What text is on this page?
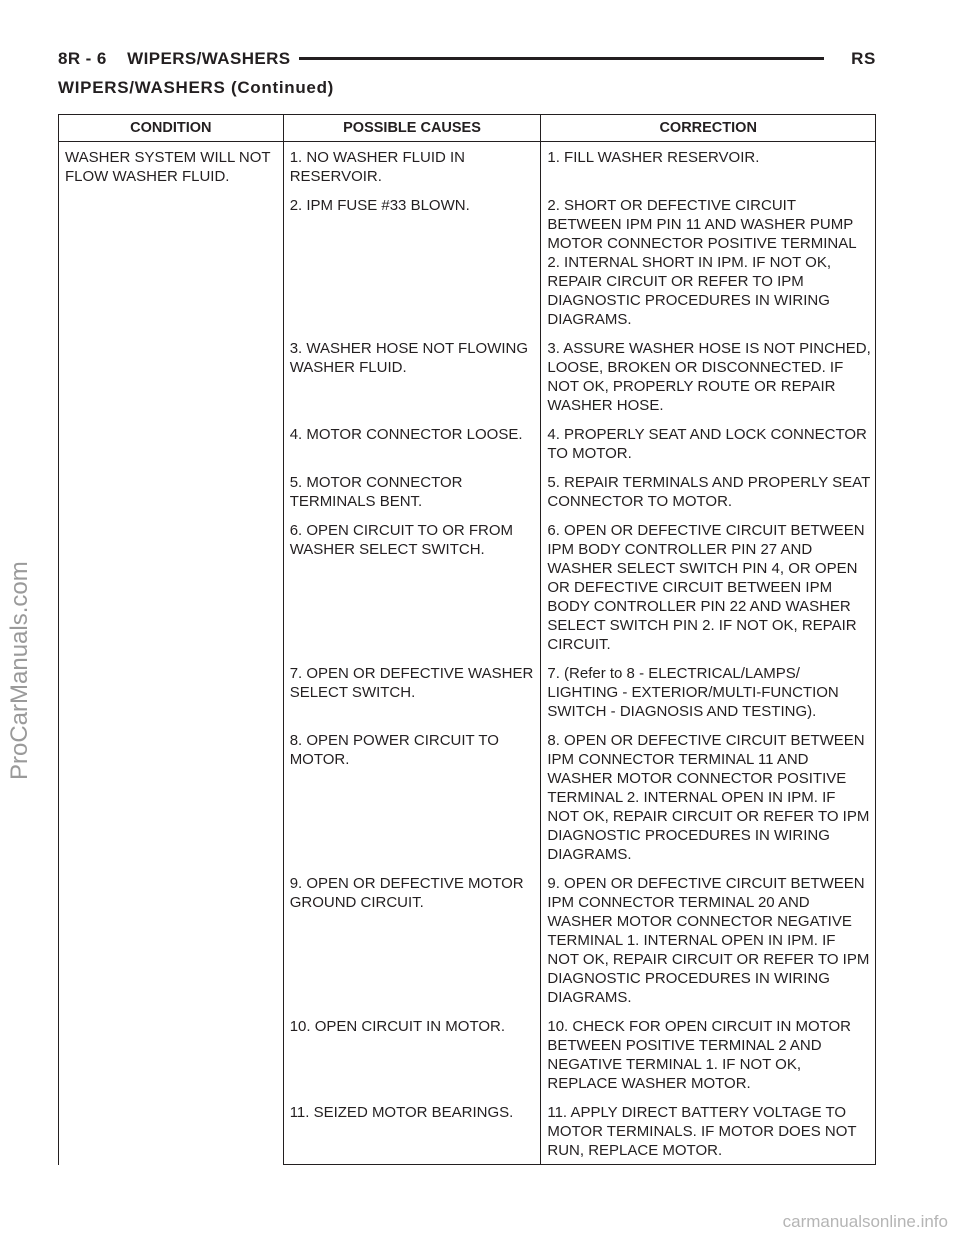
8R - 6    WIPERS/WASHERS	RS
WIPERS/WASHERS (Continued)
CONDITION	POSSIBLE CAUSES	CORRECTION

WASHER SYSTEM WILL NOT FLOW WASHER FLUID.	1. NO WASHER FLUID IN RESERVOIR.	1. FILL WASHER RESERVOIR.

	2. IPM FUSE #33 BLOWN.	2. SHORT OR DEFECTIVE CIRCUIT BETWEEN IPM PIN 11 AND WASHER PUMP MOTOR CONNECTOR POSITIVE TERMINAL 2. INTERNAL SHORT IN IPM. IF NOT OK, REPAIR CIRCUIT OR REFER TO IPM DIAGNOSTIC PROCEDURES IN WIRING DIAGRAMS.

	3. WASHER HOSE NOT FLOWING WASHER FLUID.	3. ASSURE WASHER HOSE IS NOT PINCHED, LOOSE, BROKEN OR DISCONNECTED. IF NOT OK, PROPERLY ROUTE OR REPAIR WASHER HOSE.

	4. MOTOR CONNECTOR LOOSE.	4. PROPERLY SEAT AND LOCK CONNECTOR TO MOTOR.

	5. MOTOR CONNECTOR TERMINALS BENT.	5. REPAIR TERMINALS AND PROPERLY SEAT CONNECTOR TO MOTOR.

	6. OPEN CIRCUIT TO OR FROM WASHER SELECT SWITCH.	6. OPEN OR DEFECTIVE CIRCUIT BETWEEN IPM BODY CONTROLLER PIN 27 AND WASHER SELECT SWITCH PIN 4, OR OPEN OR DEFECTIVE CIRCUIT BETWEEN IPM BODY CONTROLLER PIN 22 AND WASHER SELECT SWITCH PIN 2. IF NOT OK, REPAIR CIRCUIT.

	7. OPEN OR DEFECTIVE WASHER SELECT SWITCH.	7. (Refer to 8 - ELECTRICAL/LAMPS/ LIGHTING - EXTERIOR/MULTI-FUNCTION SWITCH - DIAGNOSIS AND TESTING).

	8. OPEN POWER CIRCUIT TO MOTOR.	8. OPEN OR DEFECTIVE CIRCUIT BETWEEN IPM CONNECTOR TERMINAL 11 AND WASHER MOTOR CONNECTOR POSITIVE TERMINAL 2. INTERNAL OPEN IN IPM. IF NOT OK, REPAIR CIRCUIT OR REFER TO IPM DIAGNOSTIC PROCEDURES IN WIRING DIAGRAMS.

	9. OPEN OR DEFECTIVE MOTOR GROUND CIRCUIT.	9. OPEN OR DEFECTIVE CIRCUIT BETWEEN IPM CONNECTOR TERMINAL 20 AND WASHER MOTOR CONNECTOR NEGATIVE TERMINAL 1. INTERNAL OPEN IN IPM. IF NOT OK, REPAIR CIRCUIT OR REFER TO IPM DIAGNOSTIC PROCEDURES IN WIRING DIAGRAMS.

	10. OPEN CIRCUIT IN MOTOR.	10. CHECK FOR OPEN CIRCUIT IN MOTOR BETWEEN POSITIVE TERMINAL 2 AND NEGATIVE TERMINAL 1. IF NOT OK, REPLACE WASHER MOTOR.

	11. SEIZED MOTOR BEARINGS.	11. APPLY DIRECT BATTERY VOLTAGE TO MOTOR TERMINALS. IF MOTOR DOES NOT RUN, REPLACE MOTOR.
ProCarManuals.com
carmanualsonline.info
